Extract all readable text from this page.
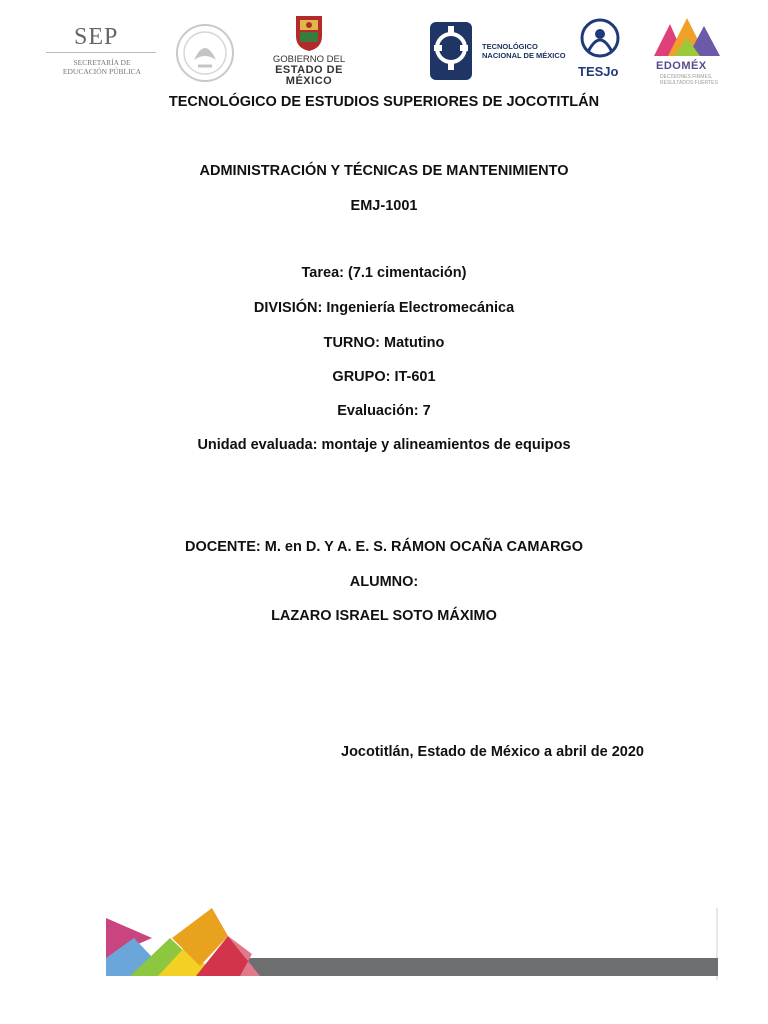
SEP
SECRETARÍA DE
EDUCACIÓN PÚBLICA
GOBIERNO DEL
ESTADO DE MÉXICO
TECNOLÓGICO
NACIONAL DE MÉXICO
TESJo	EDOMÉX
DECISIONES FIRMES, RESULTADOS FUERTES
TECNOLÓGICO DE ESTUDIOS SUPERIORES DE JOCOTITLÁN
ADMINISTRACIÓN Y TÉCNICAS DE MANTENIMIENTO
EMJ-1001
Tarea: (7.1 cimentación)
DIVISIÓN: Ingeniería Electromecánica
TURNO: Matutino
GRUPO: IT-601
Evaluación: 7
Unidad evaluada: montaje y alineamientos de equipos
DOCENTE: M. en D. Y A. E. S. RÁMON OCAÑA CAMARGO
ALUMNO:
LAZARO ISRAEL SOTO MÁXIMO
Jocotitlán, Estado de México a abril de 2020
